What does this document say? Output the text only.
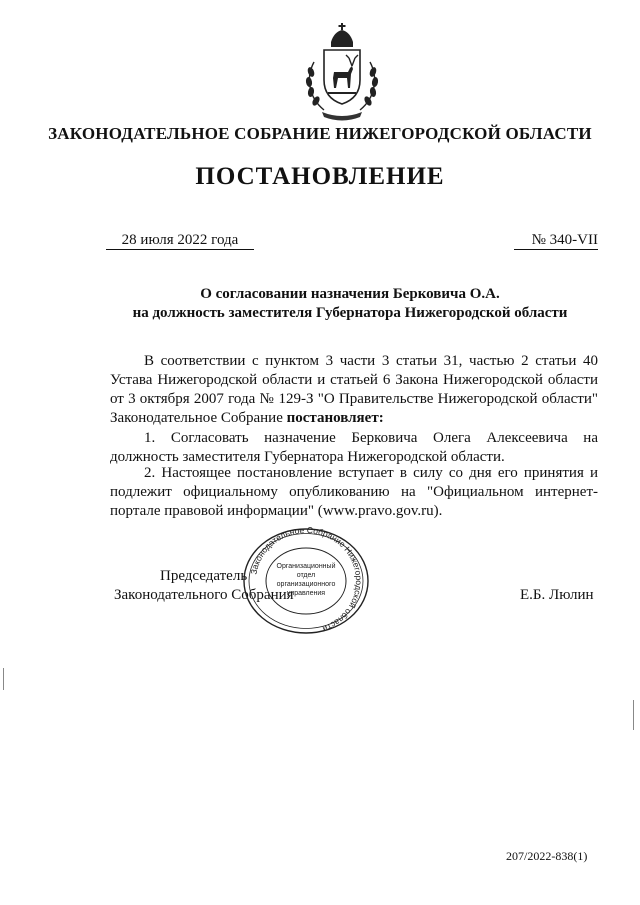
ЗАКОНОДАТЕЛЬНОЕ СОБРАНИЕ НИЖЕГОРОДСКОЙ ОБЛАСТИ
ПОСТАНОВЛЕНИЕ
28 июля 2022 года	№ 340-VII
О согласовании назначения Берковича О.А.
на должность заместителя Губернатора Нижегородской области
В соответствии с пунктом 3 части 3 статьи 31, частью 2 статьи 40 Устава Нижегородской области и статьей 6 Закона Нижегородской области от 3 октября 2007 года № 129-З "О Правительстве Нижегородской области" Законодательное Собрание постановляет:
1. Согласовать назначение Берковича Олега Алексеевича на должность заместителя Губернатора Нижегородской области.
2. Настоящее постановление вступает в силу со дня его принятия и подлежит официальному опубликованию на "Официальном интернет-портале правовой информации" (www.pravo.gov.ru).
Председатель
Законодательного Собрания	Е.Б. Люлин
Законодательное Собрание Нижегородской области
Организационный
отдел
организационного
управления
207/2022-838(1)
